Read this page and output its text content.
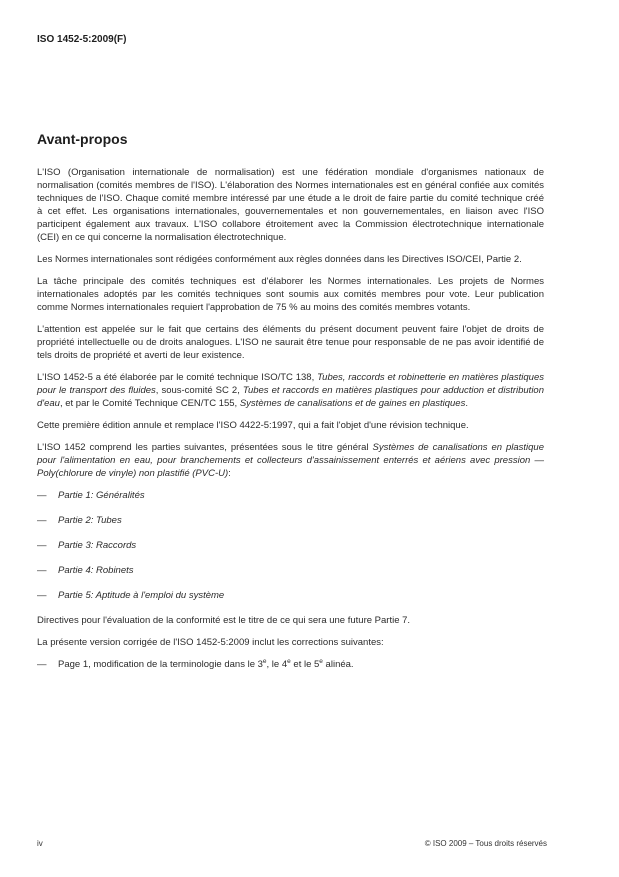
ISO 1452-5:2009(F)
Avant-propos
L'ISO (Organisation internationale de normalisation) est une fédération mondiale d'organismes nationaux de normalisation (comités membres de l'ISO). L'élaboration des Normes internationales est en général confiée aux comités techniques de l'ISO. Chaque comité membre intéressé par une étude a le droit de faire partie du comité technique créé à cet effet. Les organisations internationales, gouvernementales et non gouvernementales, en liaison avec l'ISO participent également aux travaux. L'ISO collabore étroitement avec la Commission électrotechnique internationale (CEI) en ce qui concerne la normalisation électrotechnique.
Les Normes internationales sont rédigées conformément aux règles données dans les Directives ISO/CEI, Partie 2.
La tâche principale des comités techniques est d'élaborer les Normes internationales. Les projets de Normes internationales adoptés par les comités techniques sont soumis aux comités membres pour vote. Leur publication comme Normes internationales requiert l'approbation de 75 % au moins des comités membres votants.
L'attention est appelée sur le fait que certains des éléments du présent document peuvent faire l'objet de droits de propriété intellectuelle ou de droits analogues. L'ISO ne saurait être tenue pour responsable de ne pas avoir identifié de tels droits de propriété et averti de leur existence.
L'ISO 1452-5 a été élaborée par le comité technique ISO/TC 138, Tubes, raccords et robinetterie en matières plastiques pour le transport des fluides, sous-comité SC 2, Tubes et raccords en matières plastiques pour adduction et distribution d'eau, et par le Comité Technique CEN/TC 155, Systèmes de canalisations et de gaines en plastiques.
Cette première édition annule et remplace l'ISO 4422-5:1997, qui a fait l'objet d'une révision technique.
L'ISO 1452 comprend les parties suivantes, présentées sous le titre général Systèmes de canalisations en plastique pour l'alimentation en eau, pour branchements et collecteurs d'assainissement enterrés et aériens avec pression — Poly(chlorure de vinyle) non plastifié (PVC-U):
— Partie 1: Généralités
— Partie 2: Tubes
— Partie 3: Raccords
— Partie 4: Robinets
— Partie 5: Aptitude à l'emploi du système
Directives pour l'évaluation de la conformité est le titre de ce qui sera une future Partie 7.
La présente version corrigée de l'ISO 1452-5:2009 inclut les corrections suivantes:
— Page 1, modification de la terminologie dans le 3e, le 4e et le 5e alinéa.
iv	© ISO 2009 – Tous droits réservés
